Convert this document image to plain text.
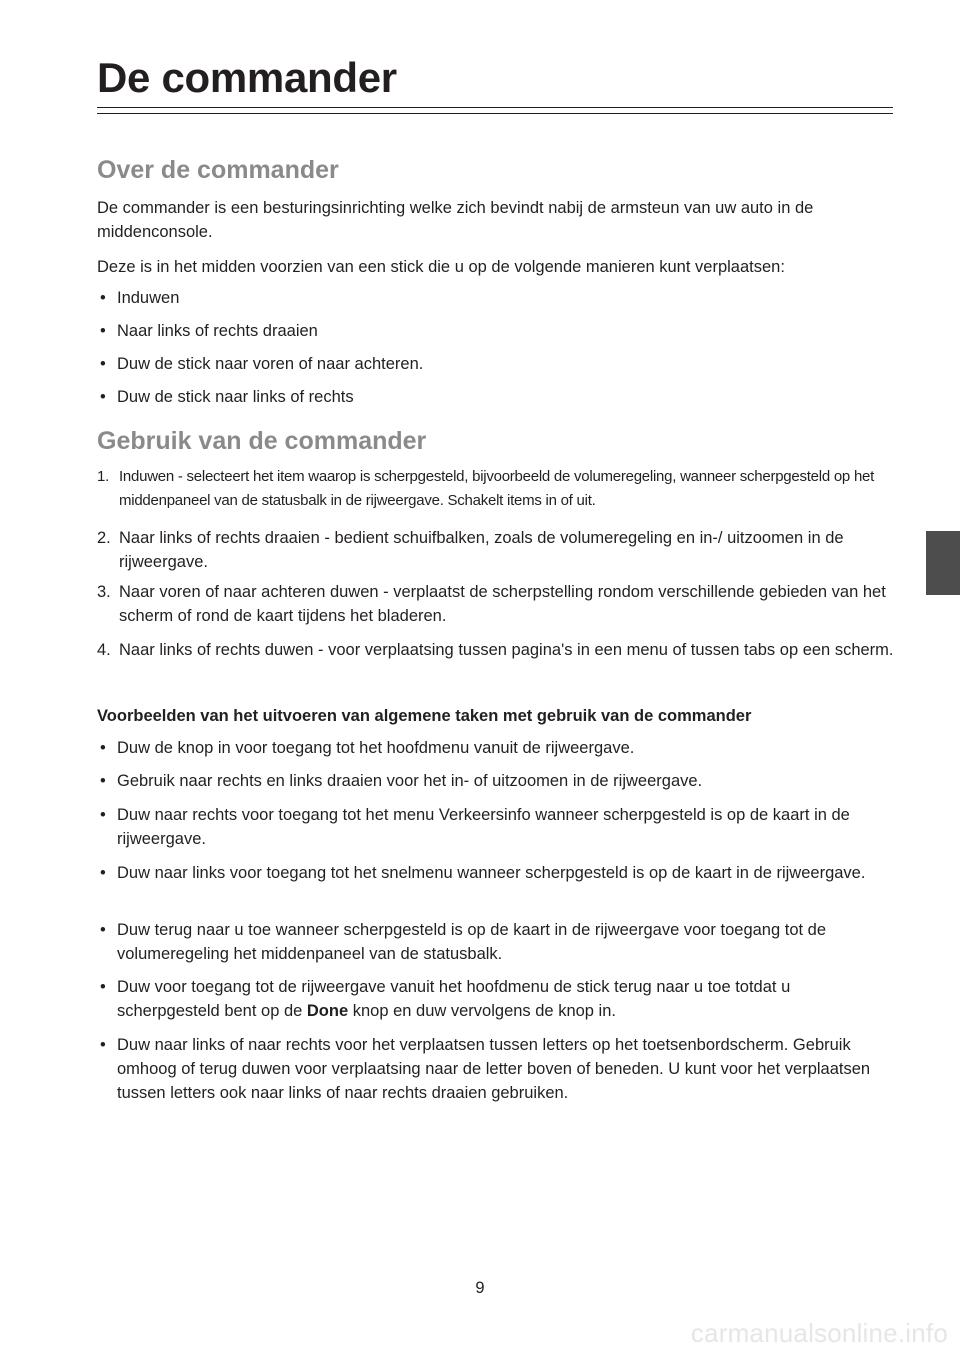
De commander
Over de commander

De commander is een besturingsinrichting welke zich bevindt nabij de armsteun van uw auto in de middenconsole.

Deze is in het midden voorzien van een stick die u op de volgende manieren kunt verplaatsen:

• Induwen
• Naar links of rechts draaien
• Duw de stick naar voren of naar achteren.
• Duw de stick naar links of rechts
Gebruik van de commander
1. Induwen - selecteert het item waarop is scherpgesteld, bijvoorbeeld de volumeregeling, wanneer scherpgesteld op het middenpaneel van de statusbalk in de rijweergave. Schakelt items in of uit.
2. Naar links of rechts draaien - bedient schuifbalken, zoals de volumeregeling en in-/ uitzoomen in de rijweergave.
3. Naar voren of naar achteren duwen - verplaatst de scherpstelling rondom verschillende gebieden van het scherm of rond de kaart tijdens het bladeren.
4. Naar links of rechts duwen - voor verplaatsing tussen pagina's in een menu of tussen tabs op een scherm.

Voorbeelden van het uitvoeren van algemene taken met gebruik van de commander

• Duw de knop in voor toegang tot het hoofdmenu vanuit de rijweergave.
• Gebruik naar rechts en links draaien voor het in- of uitzoomen in de rijweergave.
• Duw naar rechts voor toegang tot het menu Verkeersinfo wanneer scherpgesteld is op de kaart in de rijweergave.
• Duw naar links voor toegang tot het snelmenu wanneer scherpgesteld is op de kaart in de rijweergave.
• Duw terug naar u toe wanneer scherpgesteld is op de kaart in de rijweergave voor toegang tot de volumeregeling het middenpaneel van de statusbalk.
• Duw voor toegang tot de rijweergave vanuit het hoofdmenu de stick terug naar u toe totdat u scherpgesteld bent op de Done knop en duw vervolgens de knop in.
• Duw naar links of naar rechts voor het verplaatsen tussen letters op het toetsenbordscherm. Gebruik omhoog of terug duwen voor verplaatsing naar de letter boven of beneden. U kunt voor het verplaatsen tussen letters ook naar links of naar rechts draaien gebruiken.
9
carmanualsonline.info
